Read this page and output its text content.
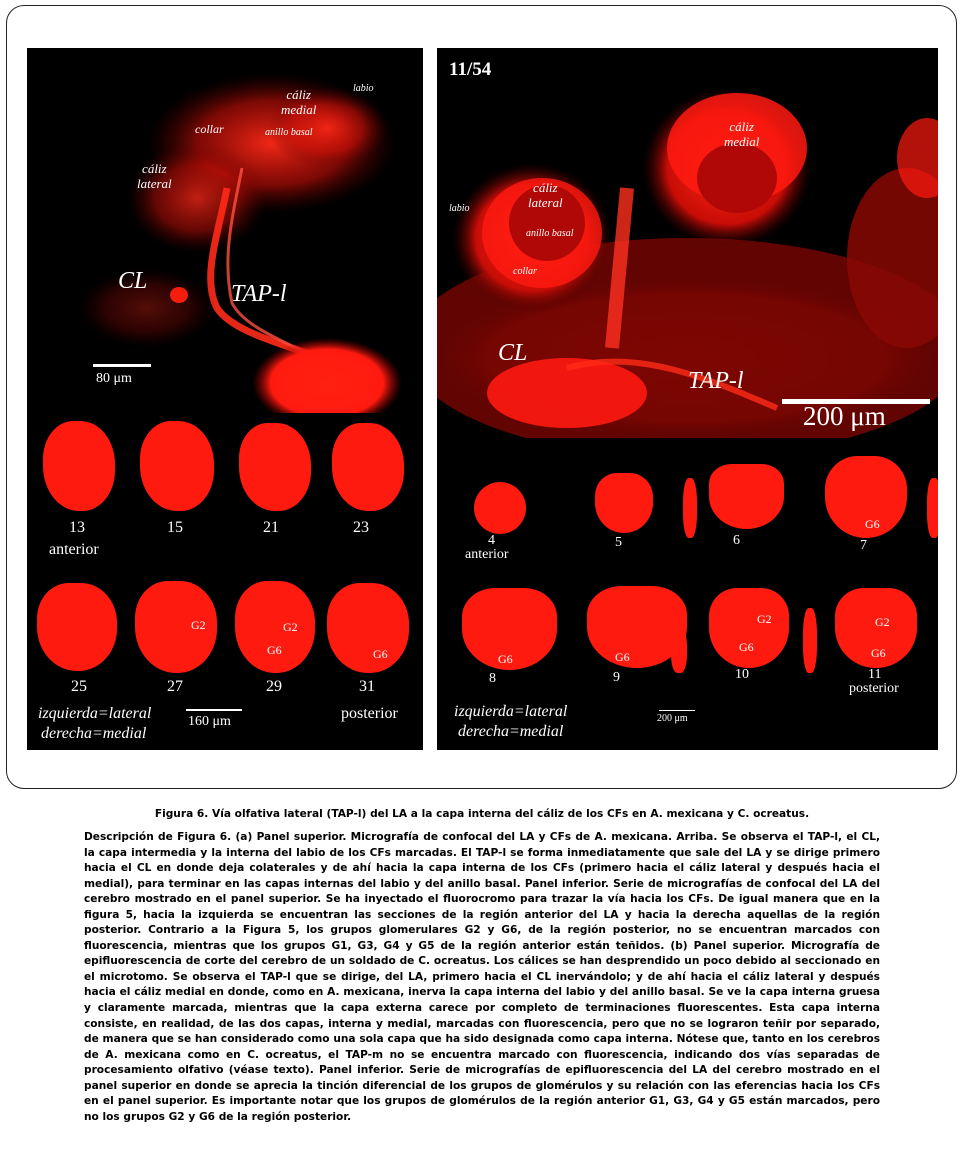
cáliz
medial
labio
collar	anillo basal
cáliz
lateral
CL	TAP-l
80 μm
13	15	21	23
anterior
G2	G2
G6	G6
25	27	29	31
izquierda=lateral
derecha=medial
160 μm	posterior
11/54
cáliz
medial
cáliz
lateral
labio
anillo basal
collar
CL
TAP-l
200 μm
G6
4
anterior
5	6	7
G6	G6
G6
G2	G2
G6
8	9	10	11
posterior
izquierda=lateral
derecha=medial
200 μm
Figura 6. Vía olfativa lateral (TAP-l) del LA a la capa interna del cáliz de los CFs en A. mexicana y C. ocreatus.
Descripción de Figura 6. (a) Panel superior. Micrografía de confocal del LA y CFs de A. mexicana. Arriba. Se observa el TAP-l, el CL, la capa intermedia y la interna del labio de los CFs marcadas. El TAP-l se forma inmediatamente que sale del LA y se dirige primero hacia el CL en donde deja colaterales y de ahí hacia la capa interna de los CFs (primero hacia el cáliz lateral y después hacia el medial), para terminar en las capas internas del labio y del anillo basal. Panel inferior. Serie de micrografías de confocal del LA del cerebro mostrado en el panel superior. Se ha inyectado el fluorocromo para trazar la vía hacia los CFs. De igual manera que en la figura 5, hacia la izquierda se encuentran las secciones de la región anterior del LA y hacia la derecha aquellas de la región posterior. Contrario a la Figura 5, los grupos glomerulares G2 y G6, de la región posterior, no se encuentran marcados con fluorescencia, mientras que los grupos G1, G3, G4 y G5 de la región anterior están teñidos. (b) Panel superior. Micrografía de epifluorescencia de corte del cerebro de un soldado de C. ocreatus. Los cálices se han desprendido un poco debido al seccionado en el microtomo. Se observa el TAP-l que se dirige, del LA, primero hacia el CL inervándolo; y de ahí hacia el cáliz lateral y después hacia el cáliz medial en donde, como en A. mexicana, inerva la capa interna del labio y del anillo basal. Se ve la capa interna gruesa y claramente marcada, mientras que la capa externa carece por completo de terminaciones fluorescentes. Esta capa interna consiste, en realidad, de las dos capas, interna y medial, marcadas con fluorescencia, pero que no se lograron teñir por separado, de manera que se han considerado como una sola capa que ha sido designada como capa interna. Nótese que, tanto en los cerebros de A. mexicana como en C. ocreatus, el TAP-m no se encuentra marcado con fluorescencia, indicando dos vías separadas de procesamiento olfativo (véase texto). Panel inferior. Serie de micrografías de epifluorescencia del LA del cerebro mostrado en el panel superior en donde se aprecia la tinción diferencial de los grupos de glomérulos y su relación con las eferencias hacia los CFs en el panel superior. Es importante notar que los grupos de glomérulos de la región anterior G1, G3, G4 y G5 están marcados, pero no los grupos G2 y G6 de la región posterior.
